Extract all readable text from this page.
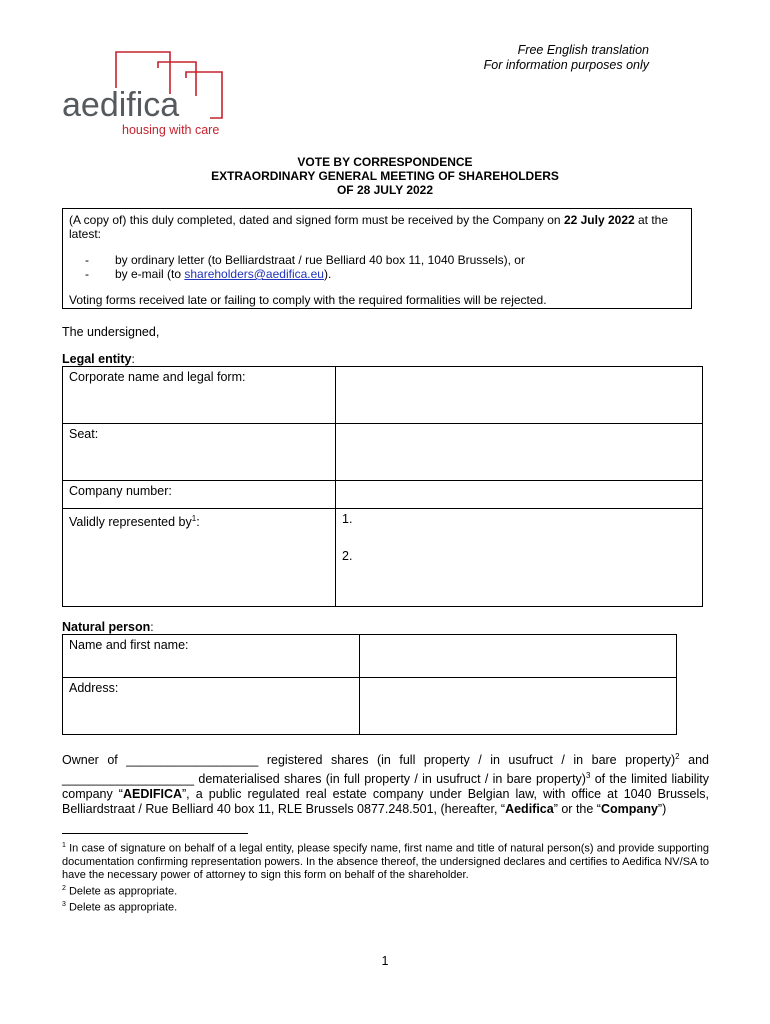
Free English translation
For information purposes only
aedifica
housing with care
VOTE BY CORRESPONDENCE
EXTRAORDINARY GENERAL MEETING OF SHAREHOLDERS
OF 28 JULY 2022
(A copy of) this duly completed, dated and signed form must be received by the Company on 22 July 2022 at the latest:
- by ordinary letter (to Belliardstraat / rue Belliard 40 box 11, 1040 Brussels), or
- by e-mail (to shareholders@aedifica.eu).
Voting forms received late or failing to comply with the required formalities will be rejected.
The undersigned,
Legal entity:
Corporate name and legal form:	
Seat:	
Company number:	
Validly represented $by^1$:	1.
2.
Natural person:
Name and first name:	
Address:	
Owner of ___________________ registered shares (in full property / in usufruct / in bare property)$^2$ and ___________________ dematerialised shares (in full property / in usufruct / in bare property)$^3$ of the limited liability company “AEDIFICA”, a public regulated real estate company under Belgian law, with office at 1040 Brussels, Belliardstraat / Rue Belliard 40 box 11, RLE Brussels 0877.248.501, (hereafter, “Aedifica” or the “Company”)
$^1$ In case of signature on behalf of a legal entity, please specify name, first name and title of natural person(s) and provide supporting documentation confirming representation powers. In the absence thereof, the undersigned declares and certifies to Aedifica NV/SA to have the necessary power of attorney to sign this form on behalf of the shareholder.
$^2$ Delete as appropriate.
$^3$ Delete as appropriate.
1
